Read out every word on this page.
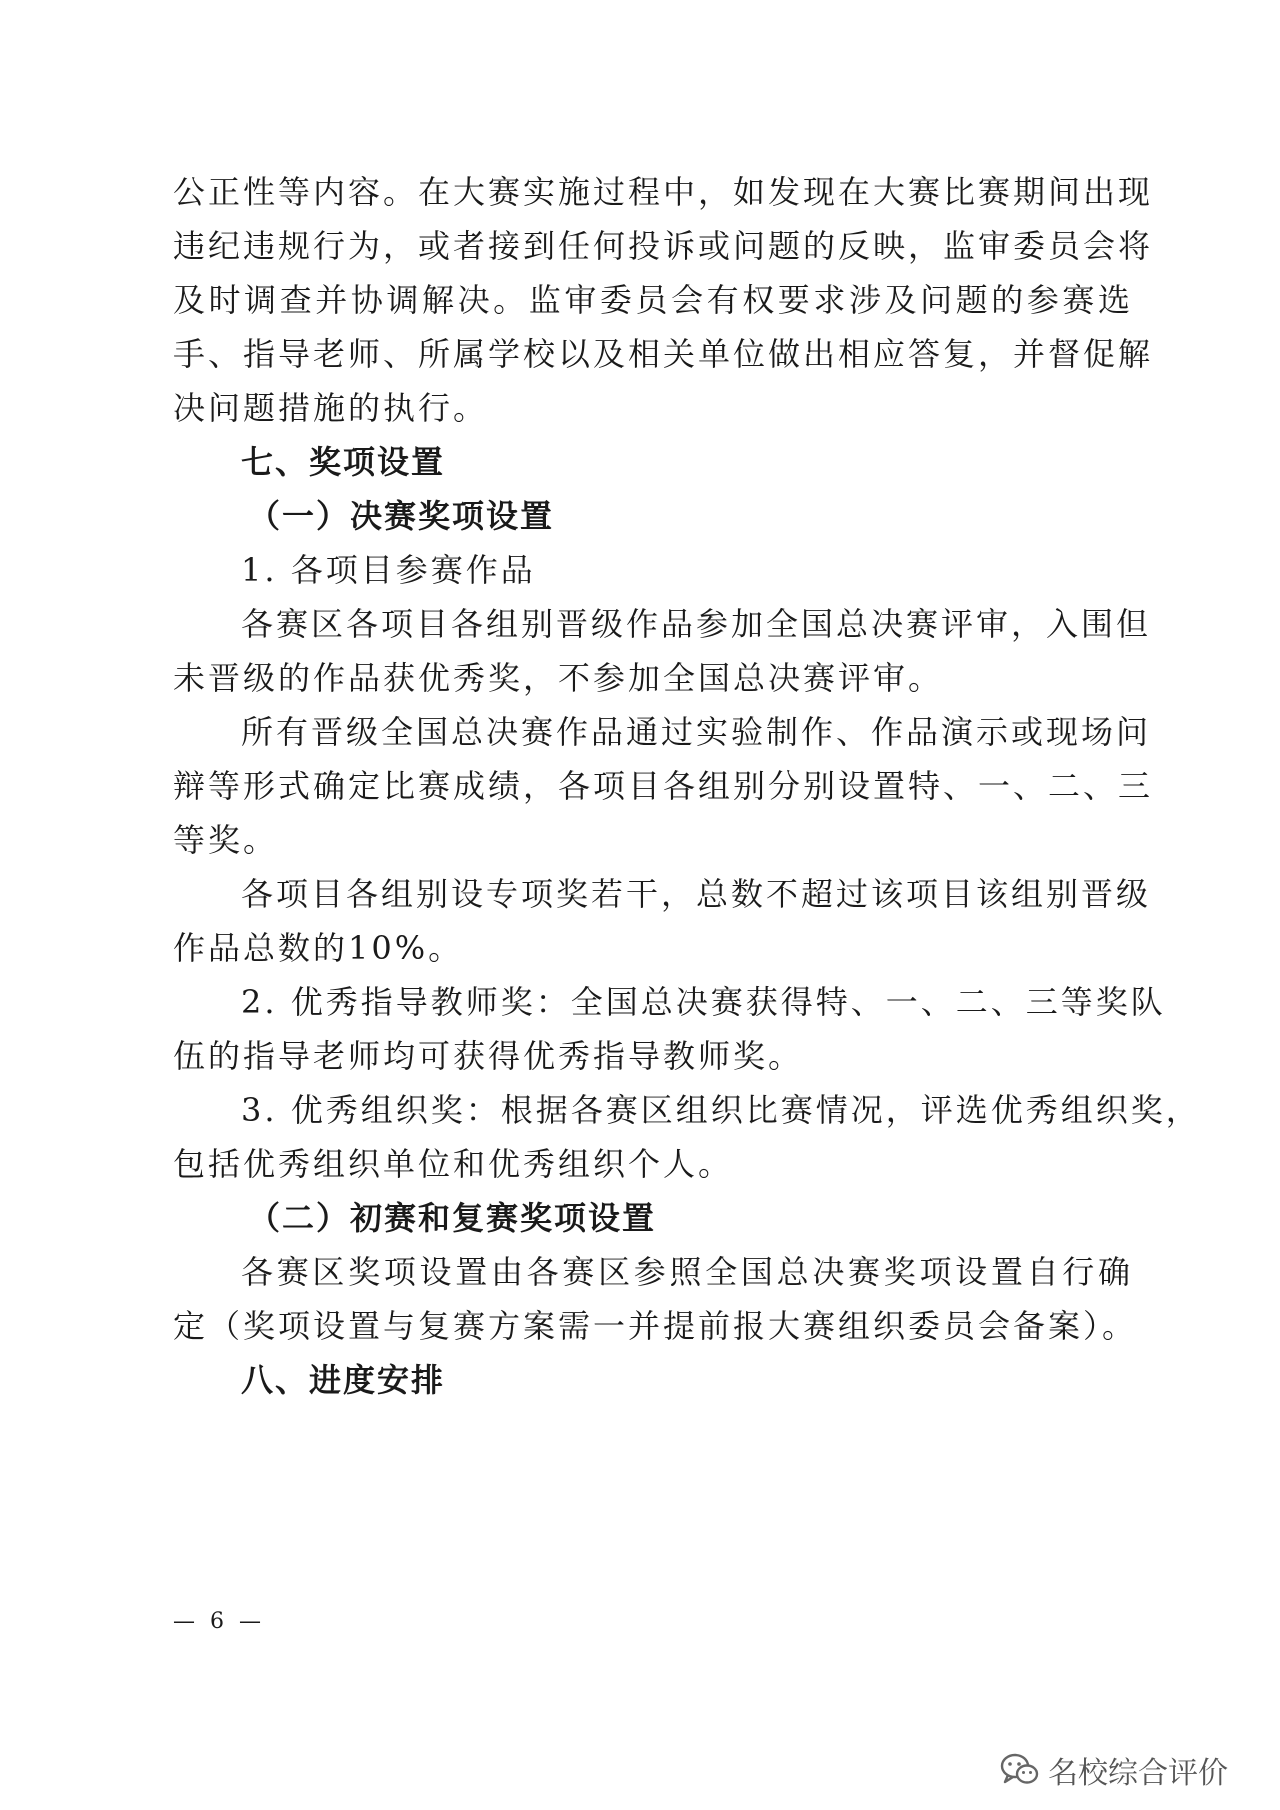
公正性等内容。在大赛实施过程中，如发现在大赛比赛期间出现
违纪违规行为，或者接到任何投诉或问题的反映，监审委员会将
及时调查并协调解决。监审委员会有权要求涉及问题的参赛选
手、指导老师、所属学校以及相关单位做出相应答复，并督促解
决问题措施的执行。
七、奖项设置
（一）决赛奖项设置
1. 各项目参赛作品
各赛区各项目各组别晋级作品参加全国总决赛评审，入围但
未晋级的作品获优秀奖，不参加全国总决赛评审。
所有晋级全国总决赛作品通过实验制作、作品演示或现场问
辩等形式确定比赛成绩，各项目各组别分别设置特、一、二、三
等奖。
各项目各组别设专项奖若干，总数不超过该项目该组别晋级
作品总数的10%。
2. 优秀指导教师奖：全国总决赛获得特、一、二、三等奖队
伍的指导老师均可获得优秀指导教师奖。
3. 优秀组织奖：根据各赛区组织比赛情况，评选优秀组织奖，
包括优秀组织单位和优秀组织个人。
（二）初赛和复赛奖项设置
各赛区奖项设置由各赛区参照全国总决赛奖项设置自行确
定（奖项设置与复赛方案需一并提前报大赛组织委员会备案）。
八、进度安排
— 6 —
名校综合评价
